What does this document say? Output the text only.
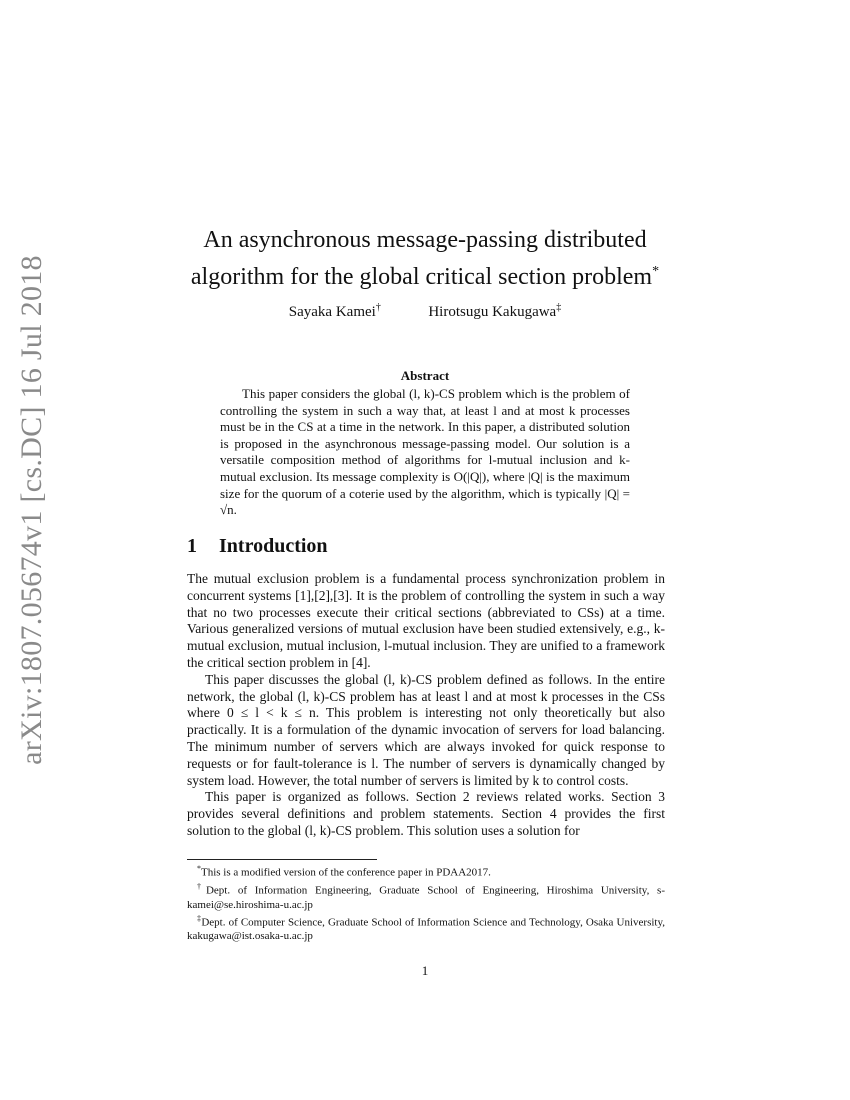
arXiv:1807.05674v1 [cs.DC] 16 Jul 2018
An asynchronous message-passing distributed
algorithm for the global critical section problem*
Sayaka Kamei†	Hirotsugu Kakugawa‡
Abstract

This paper considers the global (l, k)-CS problem which is the problem of controlling the system in such a way that, at least l and at most k processes must be in the CS at a time in the network. In this paper, a distributed solution is proposed in the asynchronous message-passing model. Our solution is a versatile composition method of algorithms for l-mutual inclusion and k-mutual exclusion. Its message complexity is O(|Q|), where |Q| is the maximum size for the quorum of a coterie used by the algorithm, which is typically |Q| = √n.

1 Introduction

The mutual exclusion problem is a fundamental process synchronization problem in concurrent systems [1],[2],[3]. It is the problem of controlling the system in such a way that no two processes execute their critical sections (abbreviated to CSs) at a time. Various generalized versions of mutual exclusion have been studied extensively, e.g., k-mutual exclusion, mutual inclusion, l-mutual inclusion. They are unified to a framework the critical section problem in [4].

This paper discusses the global (l, k)-CS problem defined as follows. In the entire network, the global (l, k)-CS problem has at least l and at most k processes in the CSs where 0 ≤ l < k ≤ n. This problem is interesting not only theoretically but also practically. It is a formulation of the dynamic invocation of servers for load balancing. The minimum number of servers which are always invoked for quick response to requests or for fault-tolerance is l. The number of servers is dynamically changed by system load. However, the total number of servers is limited by k to control costs.

This paper is organized as follows. Section 2 reviews related works. Section 3 provides several definitions and problem statements. Section 4 provides the first solution to the global (l, k)-CS problem. This solution uses a solution for

*This is a modified version of the conference paper in PDAA2017.

†Dept. of Information Engineering, Graduate School of Engineering, Hiroshima University, s-kamei@se.hiroshima-u.ac.jp

‡Dept. of Computer Science, Graduate School of Information Science and Technology, Osaka University, kakugawa@ist.osaka-u.ac.jp

1
